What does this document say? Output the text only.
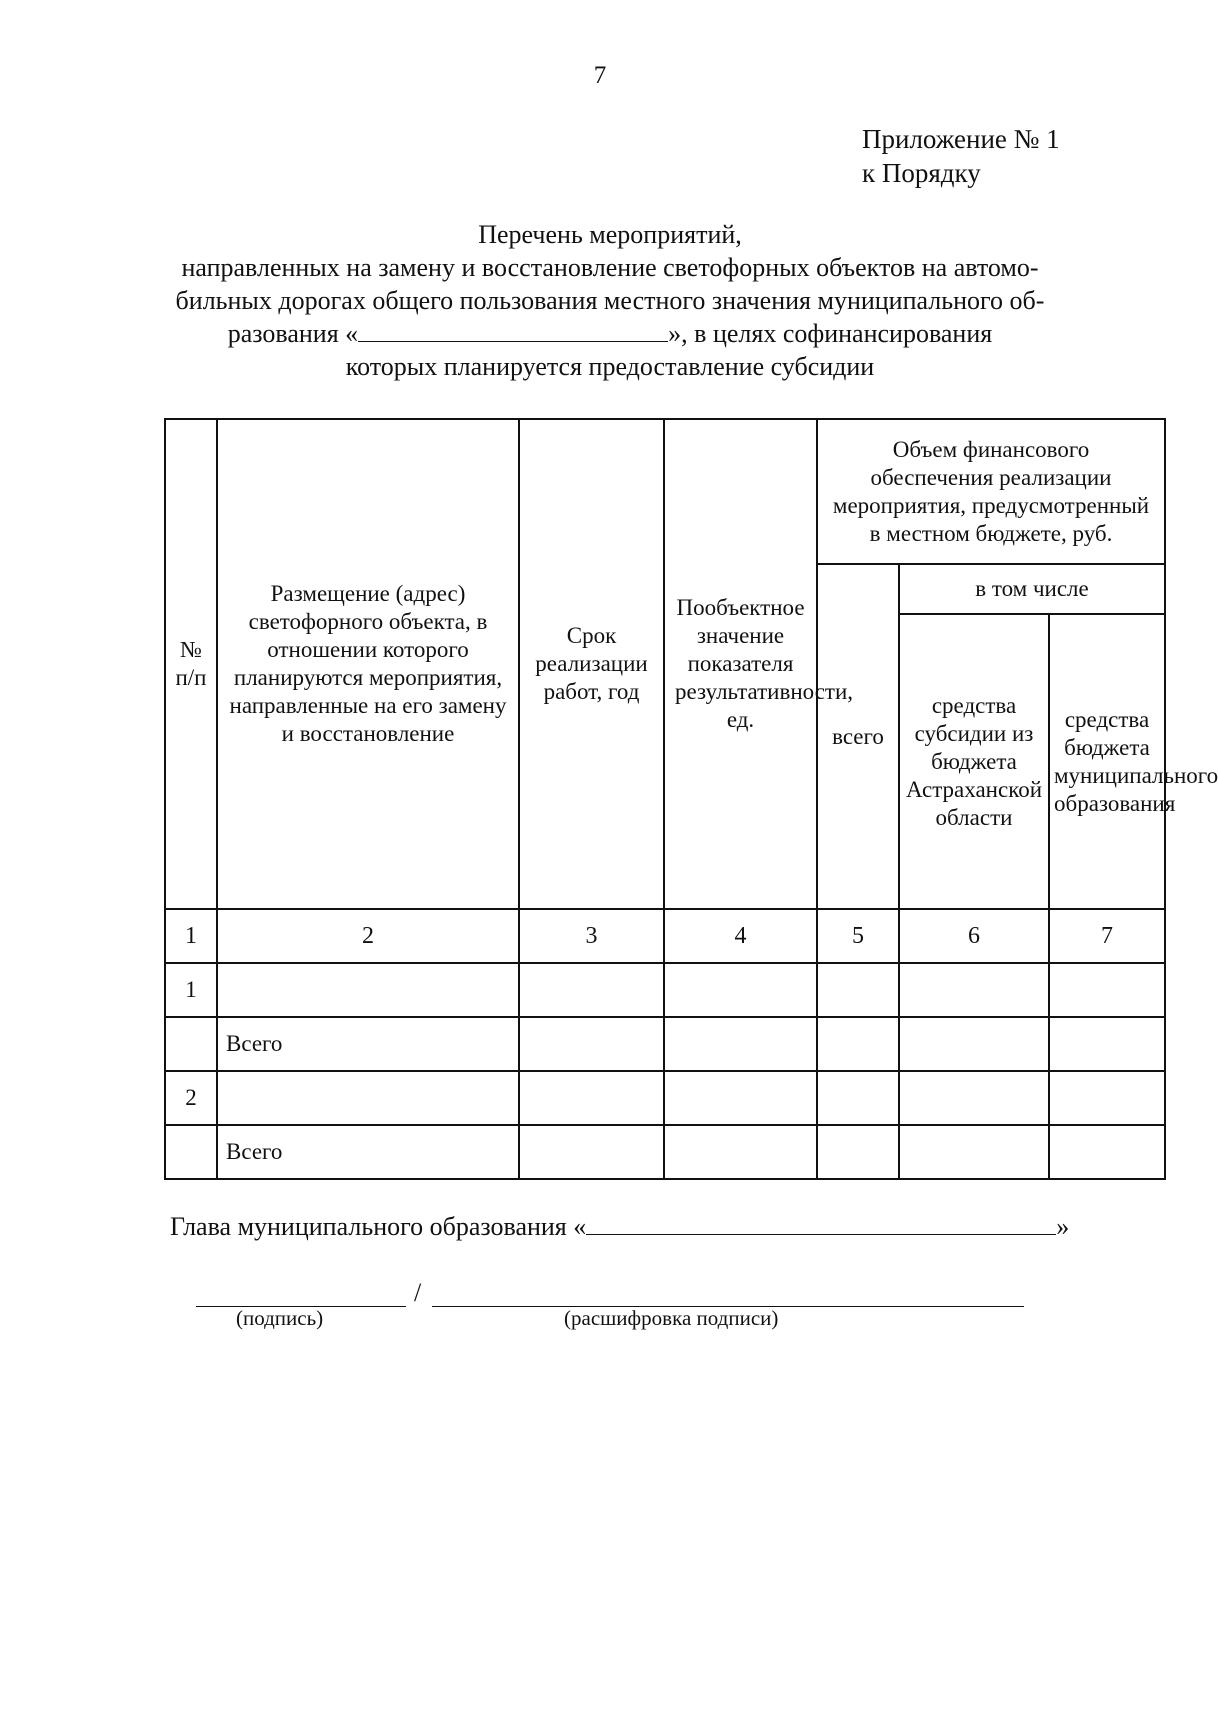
7
Приложение № 1
к Порядку
Перечень мероприятий,
направленных на замену и восстановление светофорных объектов на автомо-
бильных дорогах общего пользования местного значения муниципального об-
разования «	», в целях софинансирования
которых планируется предоставление субсидии
№ п/п	Размещение (адрес) светофорного объекта, в отношении которого планируются мероприятия, направленные на его замену и восстановление	Срок реализации работ, год	Пообъектное значение показателя результативности, ед.	Объем финансового обеспечения реализации мероприятия, предусмотренный в местном бюджете, руб.		
				всего	в том числе	
					средства субсидии из бюджета Астраханской области	средства бюджета муниципального образования
1	2	3	4	5	6	7
1						
	Всего					
2						
	Всего					
Глава муниципального образования «	»
/
(подпись)	(расшифровка подписи)
